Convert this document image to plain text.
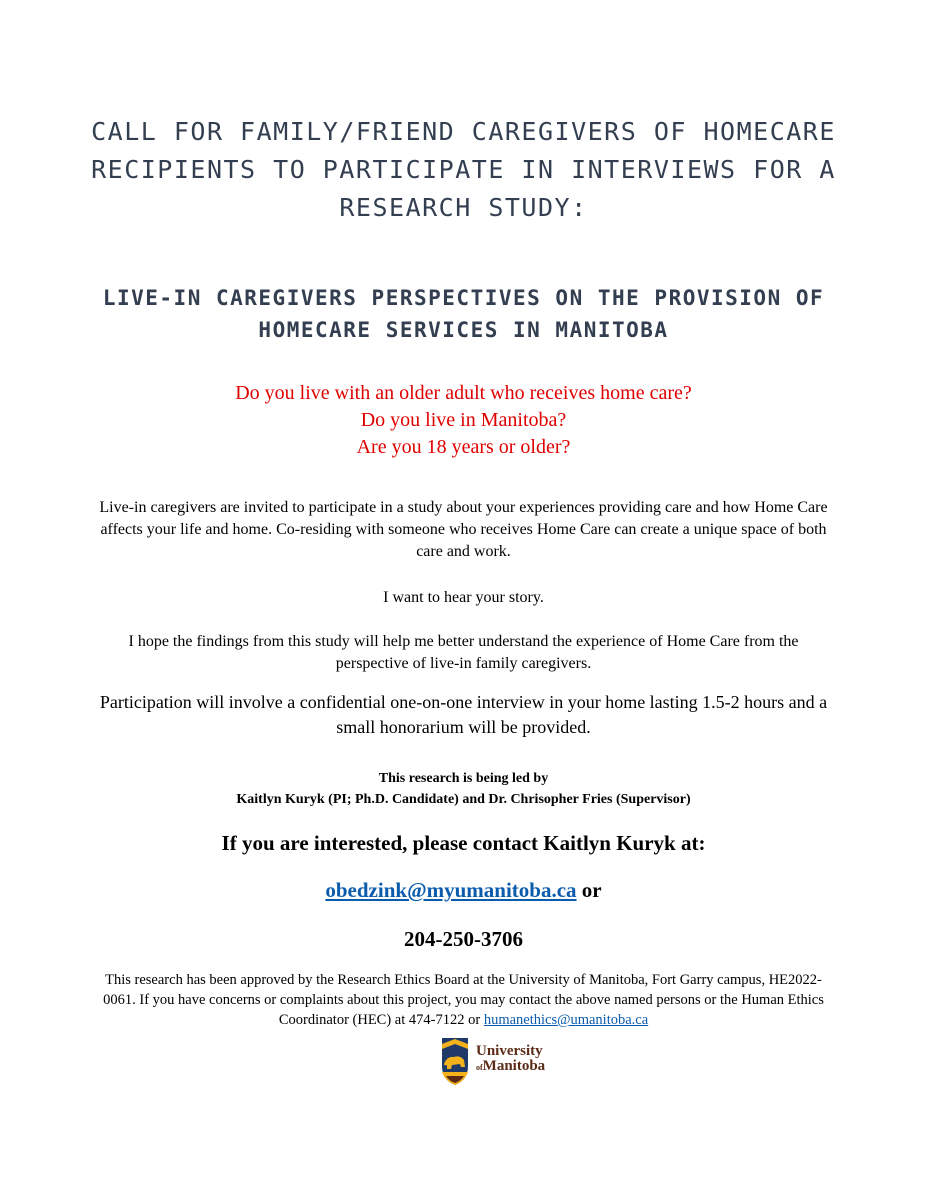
CALL FOR FAMILY/FRIEND CAREGIVERS OF HOMECARE
RECIPIENTS TO PARTICIPATE IN INTERVIEWS FOR A
RESEARCH STUDY:
LIVE-IN CAREGIVERS PERSPECTIVES ON THE PROVISION OF
HOMECARE SERVICES IN MANITOBA
Do you live with an older adult who receives home care?
Do you live in Manitoba?
Are you 18 years or older?
Live-in caregivers are invited to participate in a study about your experiences providing care and how Home Care
affects your life and home. Co-residing with someone who receives Home Care can create a unique space of both
care and work.
I want to hear your story.
I hope the findings from this study will help me better understand the experience of Home Care from the
perspective of live-in family caregivers.
Participation will involve a confidential one-on-one interview in your home lasting 1.5-2 hours and a
small honorarium will be provided.
This research is being led by
Kaitlyn Kuryk (PI; Ph.D. Candidate) and Dr. Chrisopher Fries (Supervisor)
If you are interested, please contact Kaitlyn Kuryk at:
obedzink@myumanitoba.ca or
204-250-3706
This research has been approved by the Research Ethics Board at the University of Manitoba, Fort Garry campus, HE2022-
0061. If you have concerns or complaints about this project, you may contact the above named persons or the Human Ethics
Coordinator (HEC) at 474-7122 or humanethics@umanitoba.ca
University
ofManitoba
